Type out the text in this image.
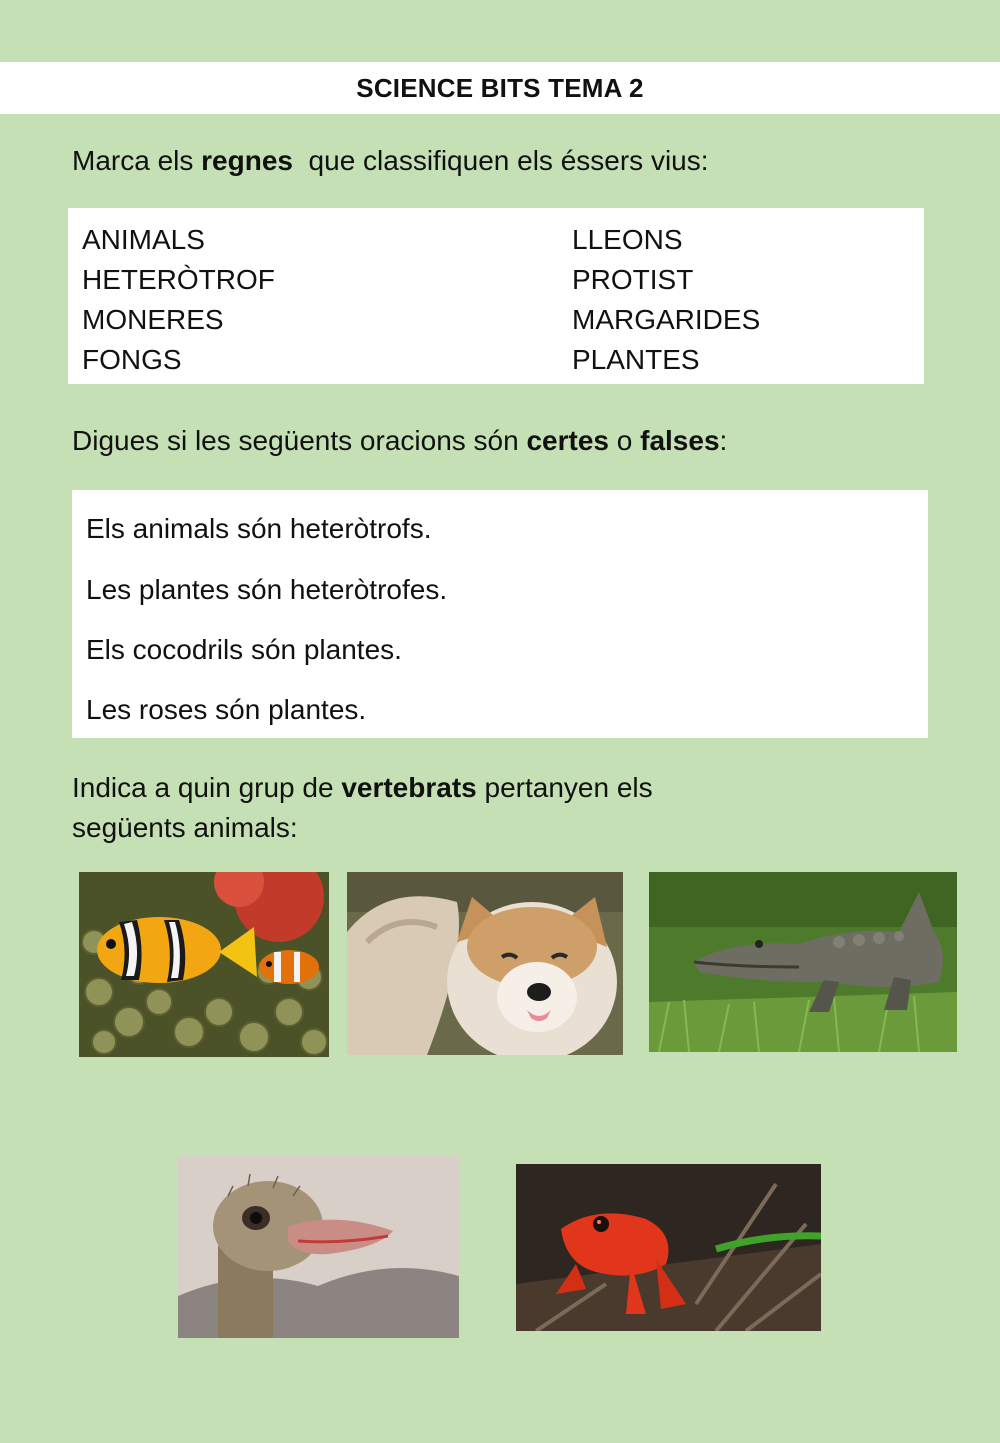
SCIENCE BITS TEMA 2
Marca els regnes  que classifiquen els éssers vius:
ANIMALS
HETERÒTROF
MONERES
FONGS
LLEONS
PROTIST
MARGARIDES
PLANTES
Digues si les següents oracions són certes o falses:
Els animals són heteròtrofs.
Les plantes són heteròtrofes.
Els cocodrils són plantes.
Les roses són plantes.
Indica a quin grup de vertebrats pertanyen els
següents animals:
